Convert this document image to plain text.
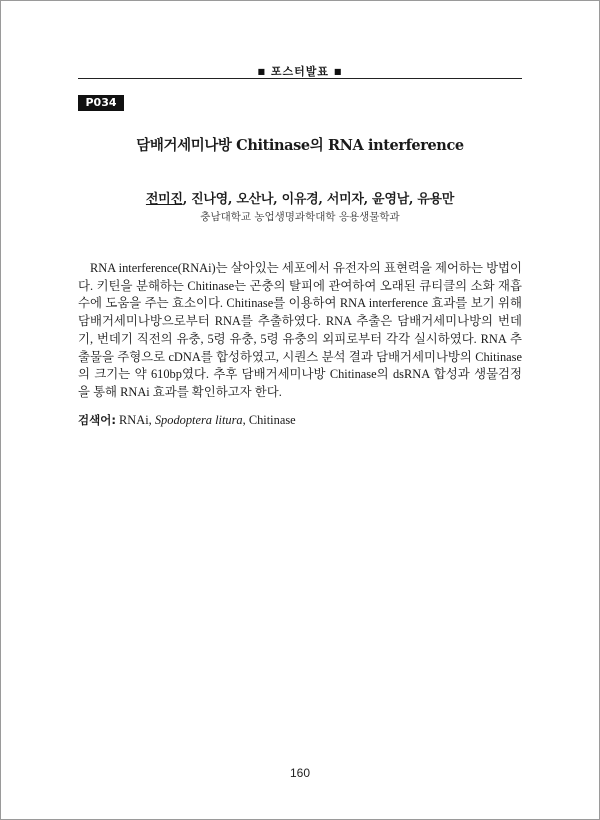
■ 포스터발표 ■
P034
담배거세미나방 Chitinase의 RNA interference
전미진, 진나영, 오산나, 이유경, 서미자, 윤영남, 유용만
충남대학교 농업생명과학대학 응용생물학과
RNA interference(RNAi)는 살아있는 세포에서 유전자의 표현력을 제어하는 방법이다. 키틴을 분해하는 Chitinase는 곤충의 탈피에 관여하여 오래된 큐티클의 소화 재흡수에 도움을 주는 효소이다. Chitinase를 이용하여 RNA interference 효과를 보기 위해 담배거세미나방으로부터 RNA를 추출하였다. RNA 추출은 담배거세미나방의 번데기, 번데기 직전의 유충, 5령 유충, 5령 유충의 외피로부터 각각 실시하였다. RNA 추출물을 주형으로 cDNA를 합성하였고, 시퀀스 분석 결과 담배거세미나방의 Chitinase의 크기는 약 610bp였다. 추후 담배거세미나방 Chitinase의 dsRNA 합성과 생물검정을 통해 RNAi 효과를 확인하고자 한다.
검색어: RNAi, Spodoptera litura, Chitinase
160
